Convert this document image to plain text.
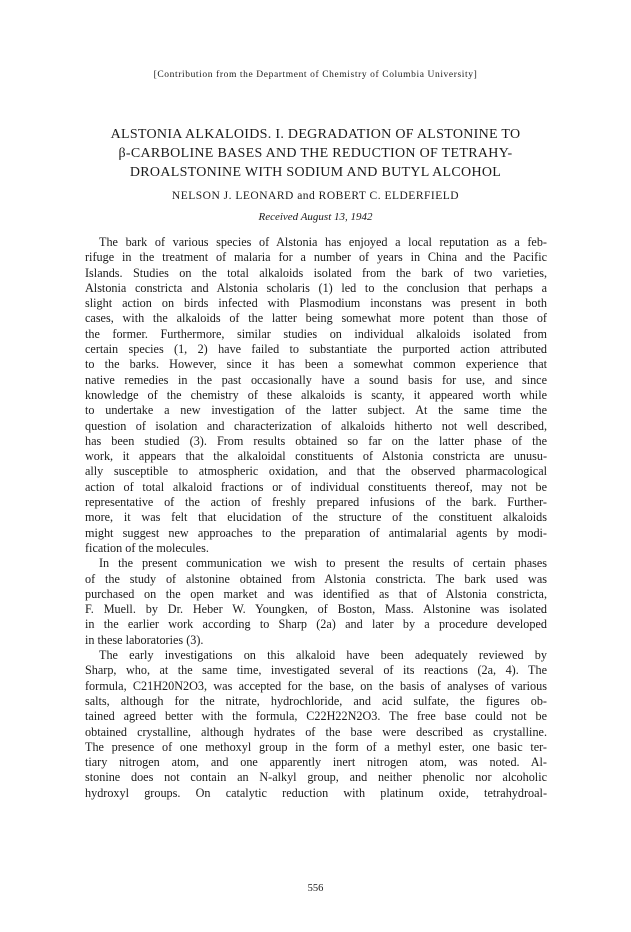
[Contribution from the Department of Chemistry of Columbia University]
ALSTONIA ALKALOIDS. I. DEGRADATION OF ALSTONINE TO
β-CARBOLINE BASES AND THE REDUCTION OF TETRAHY-
DROALSTONINE WITH SODIUM AND BUTYL ALCOHOL
NELSON J. LEONARD and ROBERT C. ELDERFIELD
Received August 13, 1942
The bark of various species of Alstonia has enjoyed a local reputation as a feb-
rifuge in the treatment of malaria for a number of years in China and the Pacific
Islands. Studies on the total alkaloids isolated from the bark of two varieties,
Alstonia constricta and Alstonia scholaris (1) led to the conclusion that perhaps a
slight action on birds infected with Plasmodium inconstans was present in both
cases, with the alkaloids of the latter being somewhat more potent than those of
the former. Furthermore, similar studies on individual alkaloids isolated from
certain species (1, 2) have failed to substantiate the purported action attributed
to the barks. However, since it has been a somewhat common experience that
native remedies in the past occasionally have a sound basis for use, and since
knowledge of the chemistry of these alkaloids is scanty, it appeared worth while
to undertake a new investigation of the latter subject. At the same time the
question of isolation and characterization of alkaloids hitherto not well described,
has been studied (3). From results obtained so far on the latter phase of the
work, it appears that the alkaloidal constituents of Alstonia constricta are unusu-
ally susceptible to atmospheric oxidation, and that the observed pharmacological
action of total alkaloid fractions or of individual constituents thereof, may not be
representative of the action of freshly prepared infusions of the bark. Further-
more, it was felt that elucidation of the structure of the constituent alkaloids
might suggest new approaches to the preparation of antimalarial agents by modi-
fication of the molecules.
In the present communication we wish to present the results of certain phases
of the study of alstonine obtained from Alstonia constricta. The bark used was
purchased on the open market and was identified as that of Alstonia constricta,
F. Muell. by Dr. Heber W. Youngken, of Boston, Mass. Alstonine was isolated
in the earlier work according to Sharp (2a) and later by a procedure developed
in these laboratories (3).
The early investigations on this alkaloid have been adequately reviewed by
Sharp, who, at the same time, investigated several of its reactions (2a, 4). The
formula, C21H20N2O3, was accepted for the base, on the basis of analyses of various
salts, although for the nitrate, hydrochloride, and acid sulfate, the figures ob-
tained agreed better with the formula, C22H22N2O3. The free base could not be
obtained crystalline, although hydrates of the base were described as crystalline.
The presence of one methoxyl group in the form of a methyl ester, one basic ter-
tiary nitrogen atom, and one apparently inert nitrogen atom, was noted. Al-
stonine does not contain an N-alkyl group, and neither phenolic nor alcoholic
hydroxyl groups. On catalytic reduction with platinum oxide, tetrahydroal-
556
